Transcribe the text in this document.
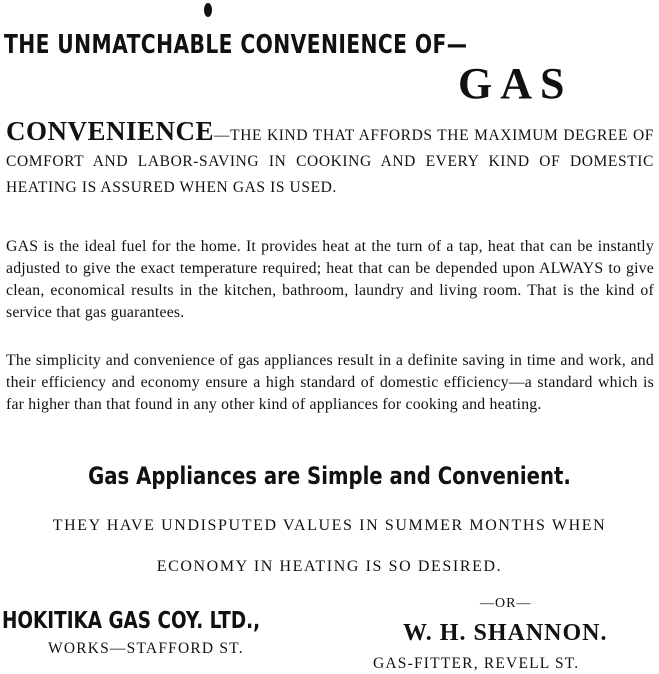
THE UNMATCHABLE CONVENIENCE OF—
GAS
CONVENIENCE—THE KIND THAT AFFORDS THE MAXIMUM DEGREE OF COMFORT AND LABOR-SAVING IN COOKING AND EVERY KIND OF DOMESTIC HEATING IS ASSURED WHEN GAS IS USED.
GAS is the ideal fuel for the home. It provides heat at the turn of a tap, heat that can be instantly adjusted to give the exact temperature required; heat that can be depended upon ALWAYS to give clean, economical results in the kitchen, bathroom, laundry and living room. That is the kind of service that gas guarantees.
The simplicity and convenience of gas appliances result in a definite saving in time and work, and their efficiency and economy ensure a high standard of domestic efficiency—a standard which is far higher than that found in any other kind of appliances for cooking and heating.
Gas Appliances are Simple and Convenient.
THEY HAVE UNDISPUTED VALUES IN SUMMER MONTHS WHEN
ECONOMY IN HEATING IS SO DESIRED.
HOKITIKA GAS COY. LTD.,
WORKS—STAFFORD ST.
—OR—
W. H. SHANNON.
GAS-FITTER, REVELL ST.
